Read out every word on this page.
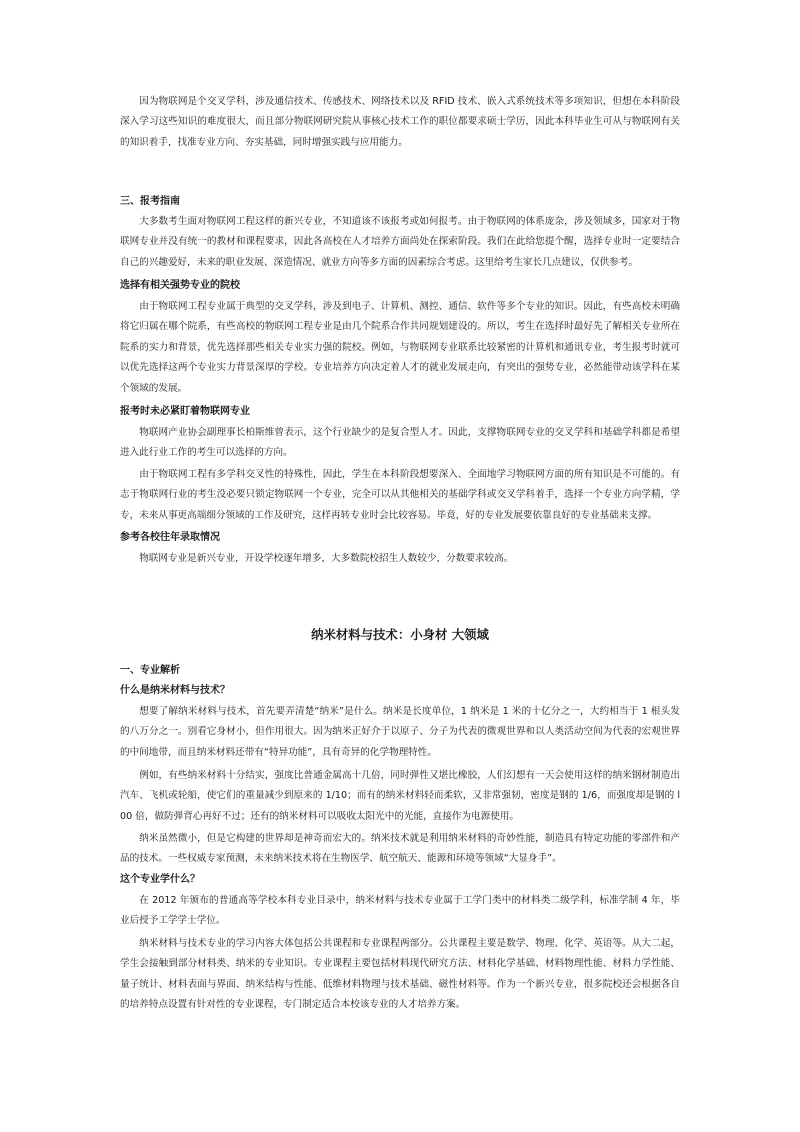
因为物联网是个交叉学科，涉及通信技术、传感技术、网络技术以及 RFID 技术、嵌入式系统技术等多项知识，但想在本科阶段深入学习这些知识的难度很大，而且部分物联网研究院从事核心技术工作的职位都要求硕士学历，因此本科毕业生可从与物联网有关的知识着手，找准专业方向、夯实基础，同时增强实践与应用能力。

三、报考指南

大多数考生面对物联网工程这样的新兴专业，不知道该不该报考或如何报考。由于物联网的体系庞杂，涉及领域多，国家对于物联网专业并没有统一的教材和课程要求，因此各高校在人才培养方面尚处在探索阶段。我们在此给您提个醒，选择专业时一定要结合自己的兴趣爱好，未来的职业发展、深造情况、就业方向等多方面的因素综合考虑。这里给考生家长几点建议，仅供参考。

选择有相关强势专业的院校

由于物联网工程专业属于典型的交叉学科，涉及到电子、计算机、测控、通信、软件等多个专业的知识。因此，有些高校未明确将它归属在哪个院系，有些高校的物联网工程专业是由几个院系合作共同规划建设的。所以，考生在选择时最好先了解相关专业所在院系的实力和背景，优先选择那些相关专业实力强的院校。例如，与物联网专业联系比较紧密的计算机和通讯专业，考生报考时就可以优先选择这两个专业实力背景深厚的学校。专业培养方向决定着人才的就业发展走向，有突出的强势专业，必然能带动该学科在某个领域的发展。

报考时未必紧盯着物联网专业

物联网产业协会副理事长柏斯维曾表示，这个行业缺少的是复合型人才。因此，支撑物联网专业的交叉学科和基础学科都是希望进入此行业工作的考生可以选择的方向。

由于物联网工程有多学科交叉性的特殊性，因此，学生在本科阶段想要深入、全面地学习物联网方面的所有知识是不可能的。有志于物联网行业的考生没必要只锁定物联网一个专业，完全可以从其他相关的基础学科或交叉学科着手，选择一个专业方向学精，学专，未来从事更高端细分领域的工作及研究，这样再转专业时会比较容易。毕竟，好的专业发展要依靠良好的专业基础来支撑。

参考各校往年录取情况

物联网专业是新兴专业，开设学校逐年增多，大多数院校招生人数较少，分数要求较高。

纳米材料与技术：小身材 大领域

一、专业解析

什么是纳米材料与技术？

想要了解纳米材料与技术，首先要弄清楚“纳米”是什么。纳米是长度单位，1 纳米是 1 米的十亿分之一，大约相当于 1 根头发的八万分之一。别看它身材小，但作用很大。因为纳米正好介于以原子、分子为代表的微观世界和以人类活动空间为代表的宏观世界的中间地带，而且纳米材料还带有“特异功能”，具有奇异的化学物理特性。

例如，有些纳米材料十分结实，强度比普通金属高十几倍，同时弹性又堪比橡胶，人们幻想有一天会使用这样的纳米钢材制造出汽车、飞机或轮船，使它们的重量减少到原来的 1/10；而有的纳米材料轻而柔软，又非常强韧，密度是钢的 1/6，而强度却是钢的 l00 倍，做防弹背心再好不过；还有的纳米材料可以吸收太阳光中的光能，直接作为电源使用。

纳米虽然微小，但是它构建的世界却是神奇而宏大的。纳米技术就是利用纳米材料的奇妙性能，制造具有特定功能的零部件和产品的技术。一些权威专家预测，未来纳米技术将在生物医学、航空航天、能源和环境等领域“大显身手”。

这个专业学什么？

在 2012 年颁布的普通高等学校本科专业目录中，纳米材料与技术专业属于工学门类中的材料类二级学科，标准学制 4 年，毕业后授予工学学士学位。

纳米材料与技术专业的学习内容大体包括公共课程和专业课程两部分。公共课程主要是数学、物理、化学、英语等。从大二起，学生会接触到部分材料类、纳米的专业知识。专业课程主要包括材料现代研究方法、材料化学基础、材料物理性能、材料力学性能、量子统计、材料表面与界面、纳米结构与性能、低维材料物理与技术基础、磁性材料等。作为一个新兴专业，很多院校还会根据各自的培养特点设置有针对性的专业课程，专门制定适合本校该专业的人才培养方案。
